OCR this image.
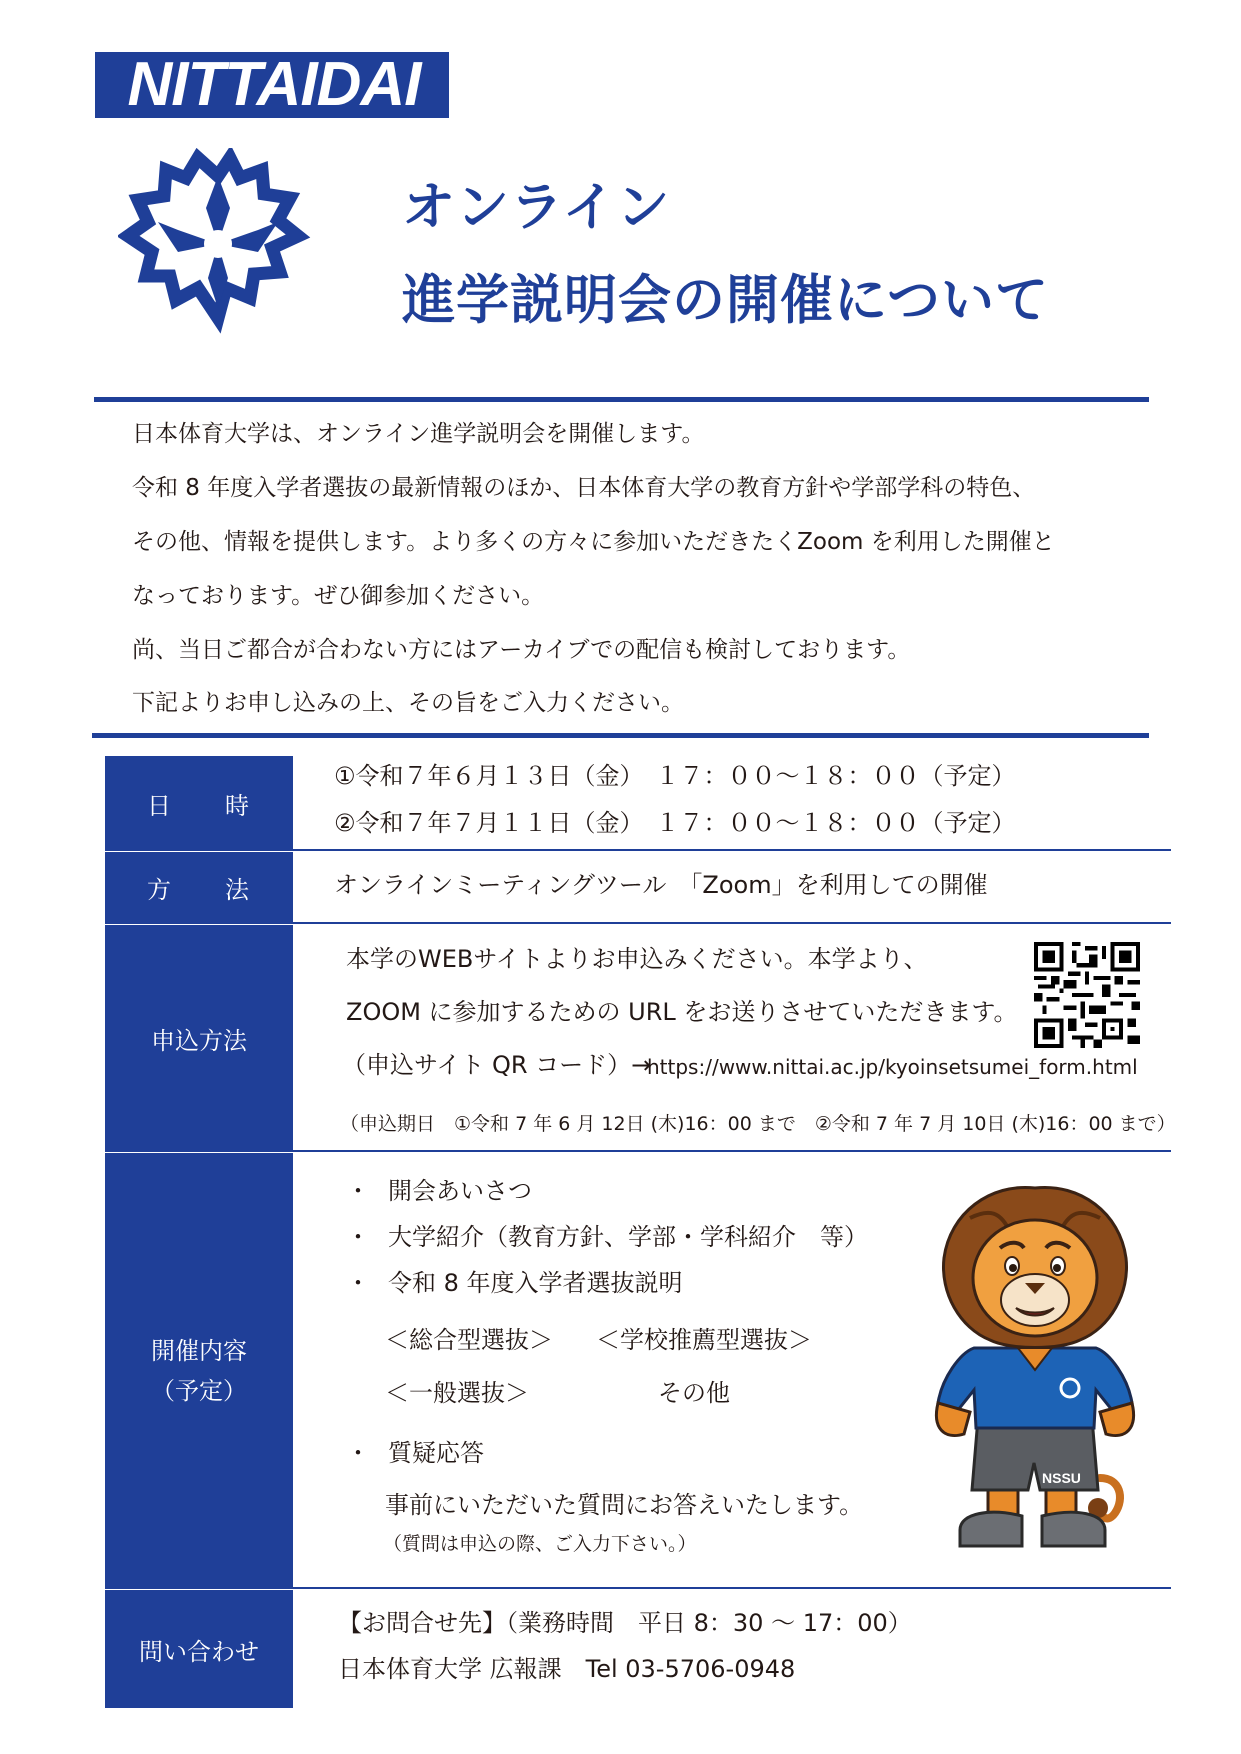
NITTAIDAI
オンライン
進学説明会の開催について
日本体育大学は、オンライン進学説明会を開催します。
令和 8 年度入学者選抜の最新情報のほか、日本体育大学の教育方針や学部学科の特色、
その他、情報を提供します。より多くの方々に参加いただきたくZoom を利用した開催と
なっております。ぜひ御参加ください。
尚、当日ご都合が合わない方にはアーカイブでの配信も検討しております。
下記よりお申し込みの上、その旨をご入力ください。
日　　時
方　　法
申込方法
開催内容
（予定）
問い合わせ
①令和７年６月１３日（金）　１７：００～１８：００（予定）
②令和７年７月１１日（金）　１７：００～１８：００（予定）
オンラインミーティングツール　「Zoom」を利用しての開催
本学のWEBサイトよりお申込みください。本学より、
ZOOM に参加するための URL をお送りさせていただきます。
（申込サイト QR コード）→
https://www.nittai.ac.jp/kyoinsetsumei_form.html
（申込期日　①令和 7 年 6 月 12日 (木)16：00 まで　②令和 7 年 7 月 10日 (木)16：00 まで）
・ 開会あいさつ
・ 大学紹介（教育方針、学部・学科紹介　等）
・ 令和 8 年度入学者選抜説明
＜総合型選抜＞ ＜学校推薦型選抜＞
＜一般選抜＞	その他
・ 質疑応答
事前にいただいた質問にお答えいたします。
（質問は申込の際、ご入力下さい。）
NSSU
【お問合せ先】（業務時間　平日 8：30 ～ 17：00）
日本体育大学 広報課　Tel 03-5706-0948
